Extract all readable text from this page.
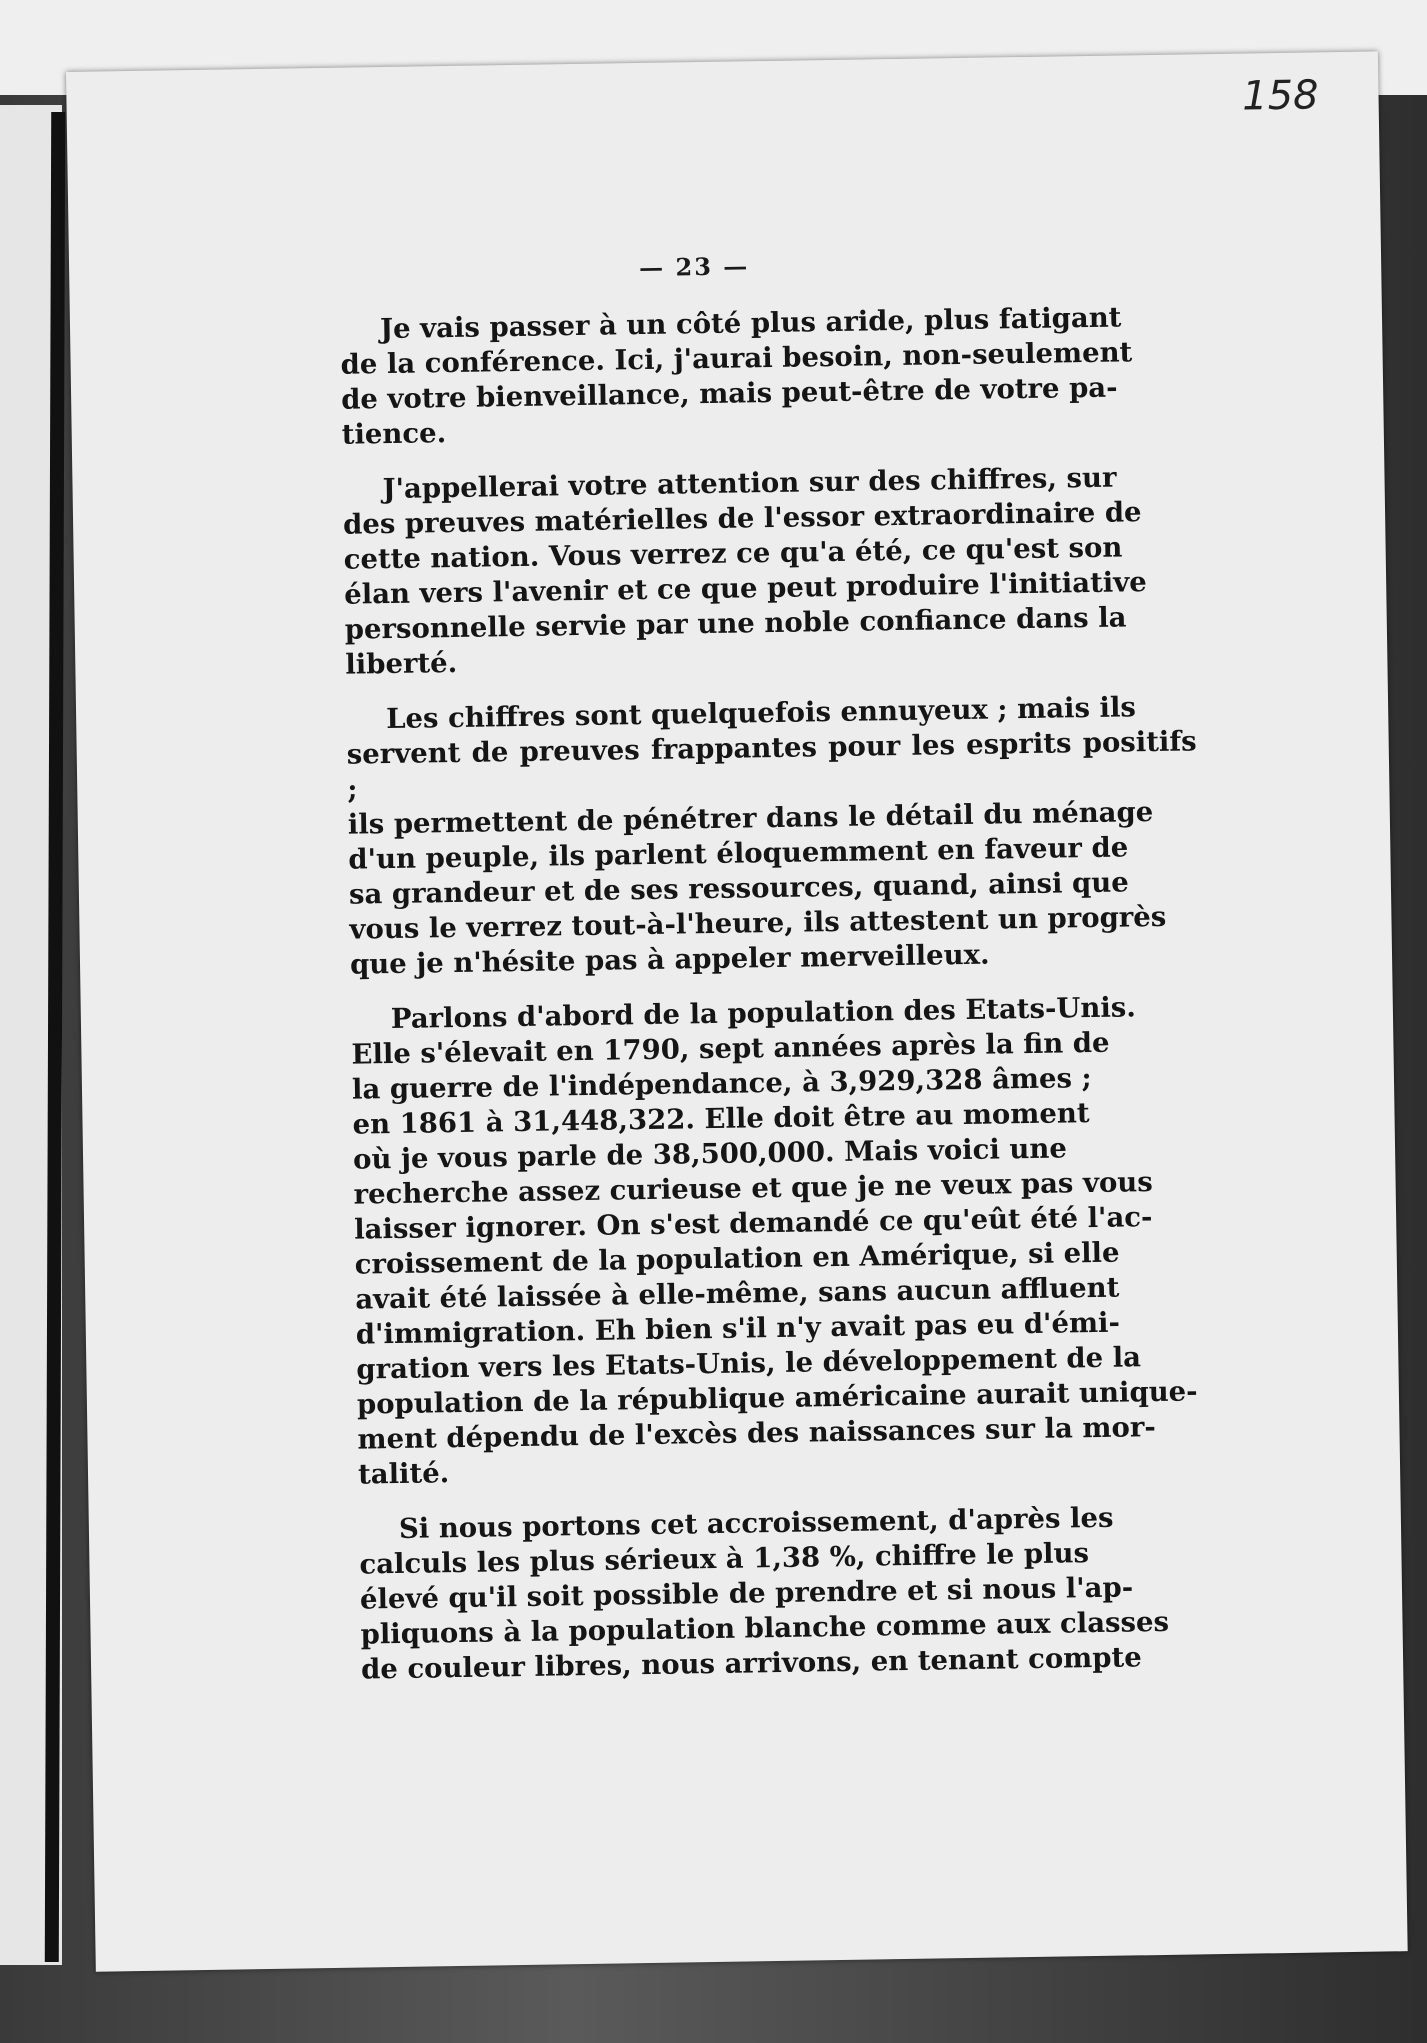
158
— 23 —

Je vais passer à un côté plus aride, plus fatigant
de la conférence. Ici, j'aurai besoin, non-seulement
de votre bienveillance, mais peut-être de votre pa-
tience.

J'appellerai votre attention sur des chiffres, sur
des preuves matérielles de l'essor extraordinaire de
cette nation. Vous verrez ce qu'a été, ce qu'est son
élan vers l'avenir et ce que peut produire l'initiative
personnelle servie par une noble confiance dans la
liberté.

Les chiffres sont quelquefois ennuyeux ; mais ils
servent de preuves frappantes pour les esprits positifs ;
ils permettent de pénétrer dans le détail du ménage
d'un peuple, ils parlent éloquemment en faveur de
sa grandeur et de ses ressources, quand, ainsi que
vous le verrez tout-à-l'heure, ils attestent un progrès
que je n'hésite pas à appeler merveilleux.

Parlons d'abord de la population des Etats-Unis.
Elle s'élevait en 1790, sept années après la fin de
la guerre de l'indépendance, à 3,929,328 âmes ;
en 1861 à 31,448,322. Elle doit être au moment
où je vous parle de 38,500,000. Mais voici une
recherche assez curieuse et que je ne veux pas vous
laisser ignorer. On s'est demandé ce qu'eût été l'ac-
croissement de la population en Amérique, si elle
avait été laissée à elle-même, sans aucun affluent
d'immigration. Eh bien s'il n'y avait pas eu d'émi-
gration vers les Etats-Unis, le développement de la
population de la république américaine aurait unique-
ment dépendu de l'excès des naissances sur la mor-
talité.

Si nous portons cet accroissement, d'après les
calculs les plus sérieux à 1,38 %, chiffre le plus
élevé qu'il soit possible de prendre et si nous l'ap-
pliquons à la population blanche comme aux classes
de couleur libres, nous arrivons, en tenant compte
